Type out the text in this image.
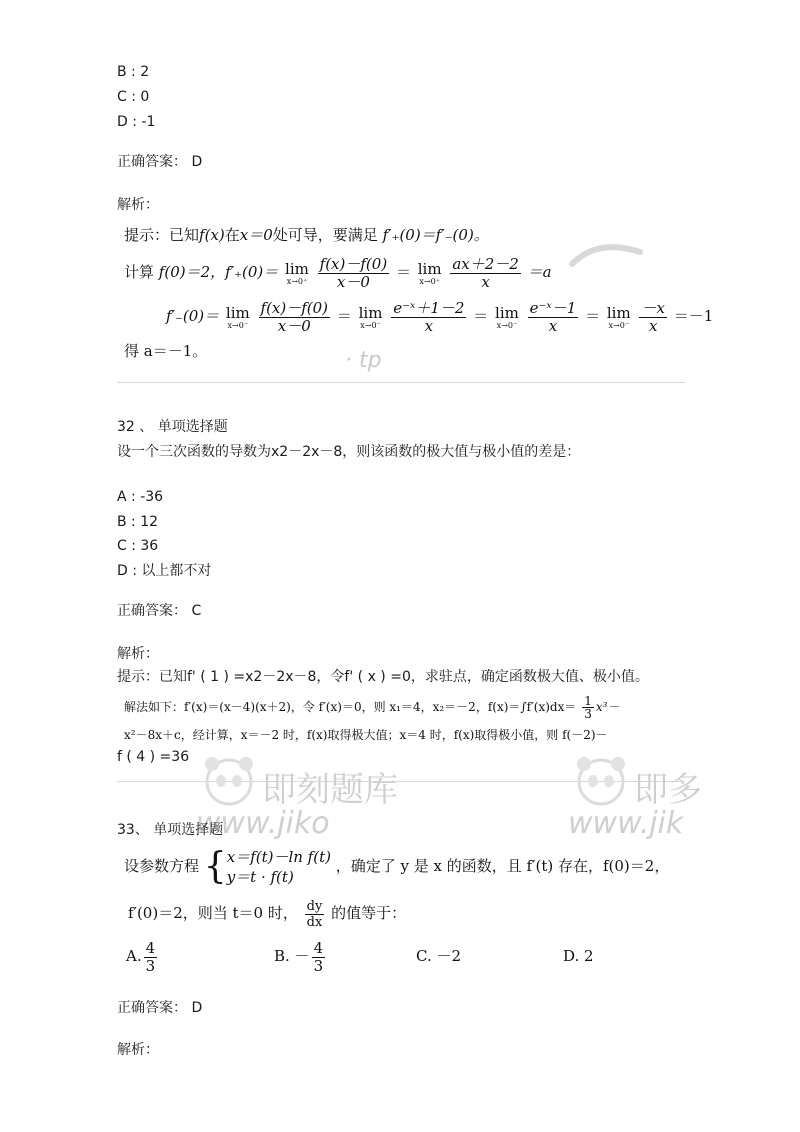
B : 2
C : 0
D : -1
正确答案： D
解析：
提示：已知f(x)在x＝0处可导，要满足 f′₊(0)＝f′₋(0)。
计算 f(0)＝2，f′₊(0)＝ lim
x→0⁺
$\frac{f(x)-f(0)}{x-0} = \lim$
x→0⁺
$\frac{ax+2-2}{x} =a$
f′₋(0)＝ lim
x→0⁻
$\frac{f(x)-f(0)}{x-0} = \lim$
x→0⁻
$\frac{\text{e⁻ˣ＋1－2}}{x} = \lim$
x→0⁻
$\frac{\text{e⁻ˣ－1}}{x} = \lim$
x→0⁻
$\frac{-x}{x} =-1$
得 a＝－1。	· tp
32 、 单项选择题
设一个三次函数的导数为x2－2x－8，则该函数的极大值与极小值的差是：
A : -36
B : 12
C : 36
D : 以上都不对
正确答案： C
解析：
提示：已知f' ( 1 ) =x2－2x－8，令f' ( x ) =0，求驻点，确定函数极大值、极小值。
解法如下：f′(x)＝(x－4)(x＋2)，令 f′(x)＝0，则 x₁＝4，x₂＝－2，$f(x)=\int f'(x)dx= \frac{1}{3} x^3-$
x²－8x＋c，经计算，x＝－2 时，f(x)取得极大值；x＝4 时，f(x)取得极小值，则 f(－2)－
f ( 4 ) =36
即刻题库
www.jiko
即多
www.jik
33、 单项选择题
设参数方程 { x＝f(t)－ln f(t)
y＝t · f(t)
，确定了 y 是 x 的函数，且 f′(t) 存在，f(0)＝2，
f′(0)＝2，则当 t＝0 时， $\frac{dy}{dx}$ 的值等于：
A. $\frac{4}{3}$	B. － $\frac{4}{3}$	C. －2	D. 2
正确答案： D
解析：
